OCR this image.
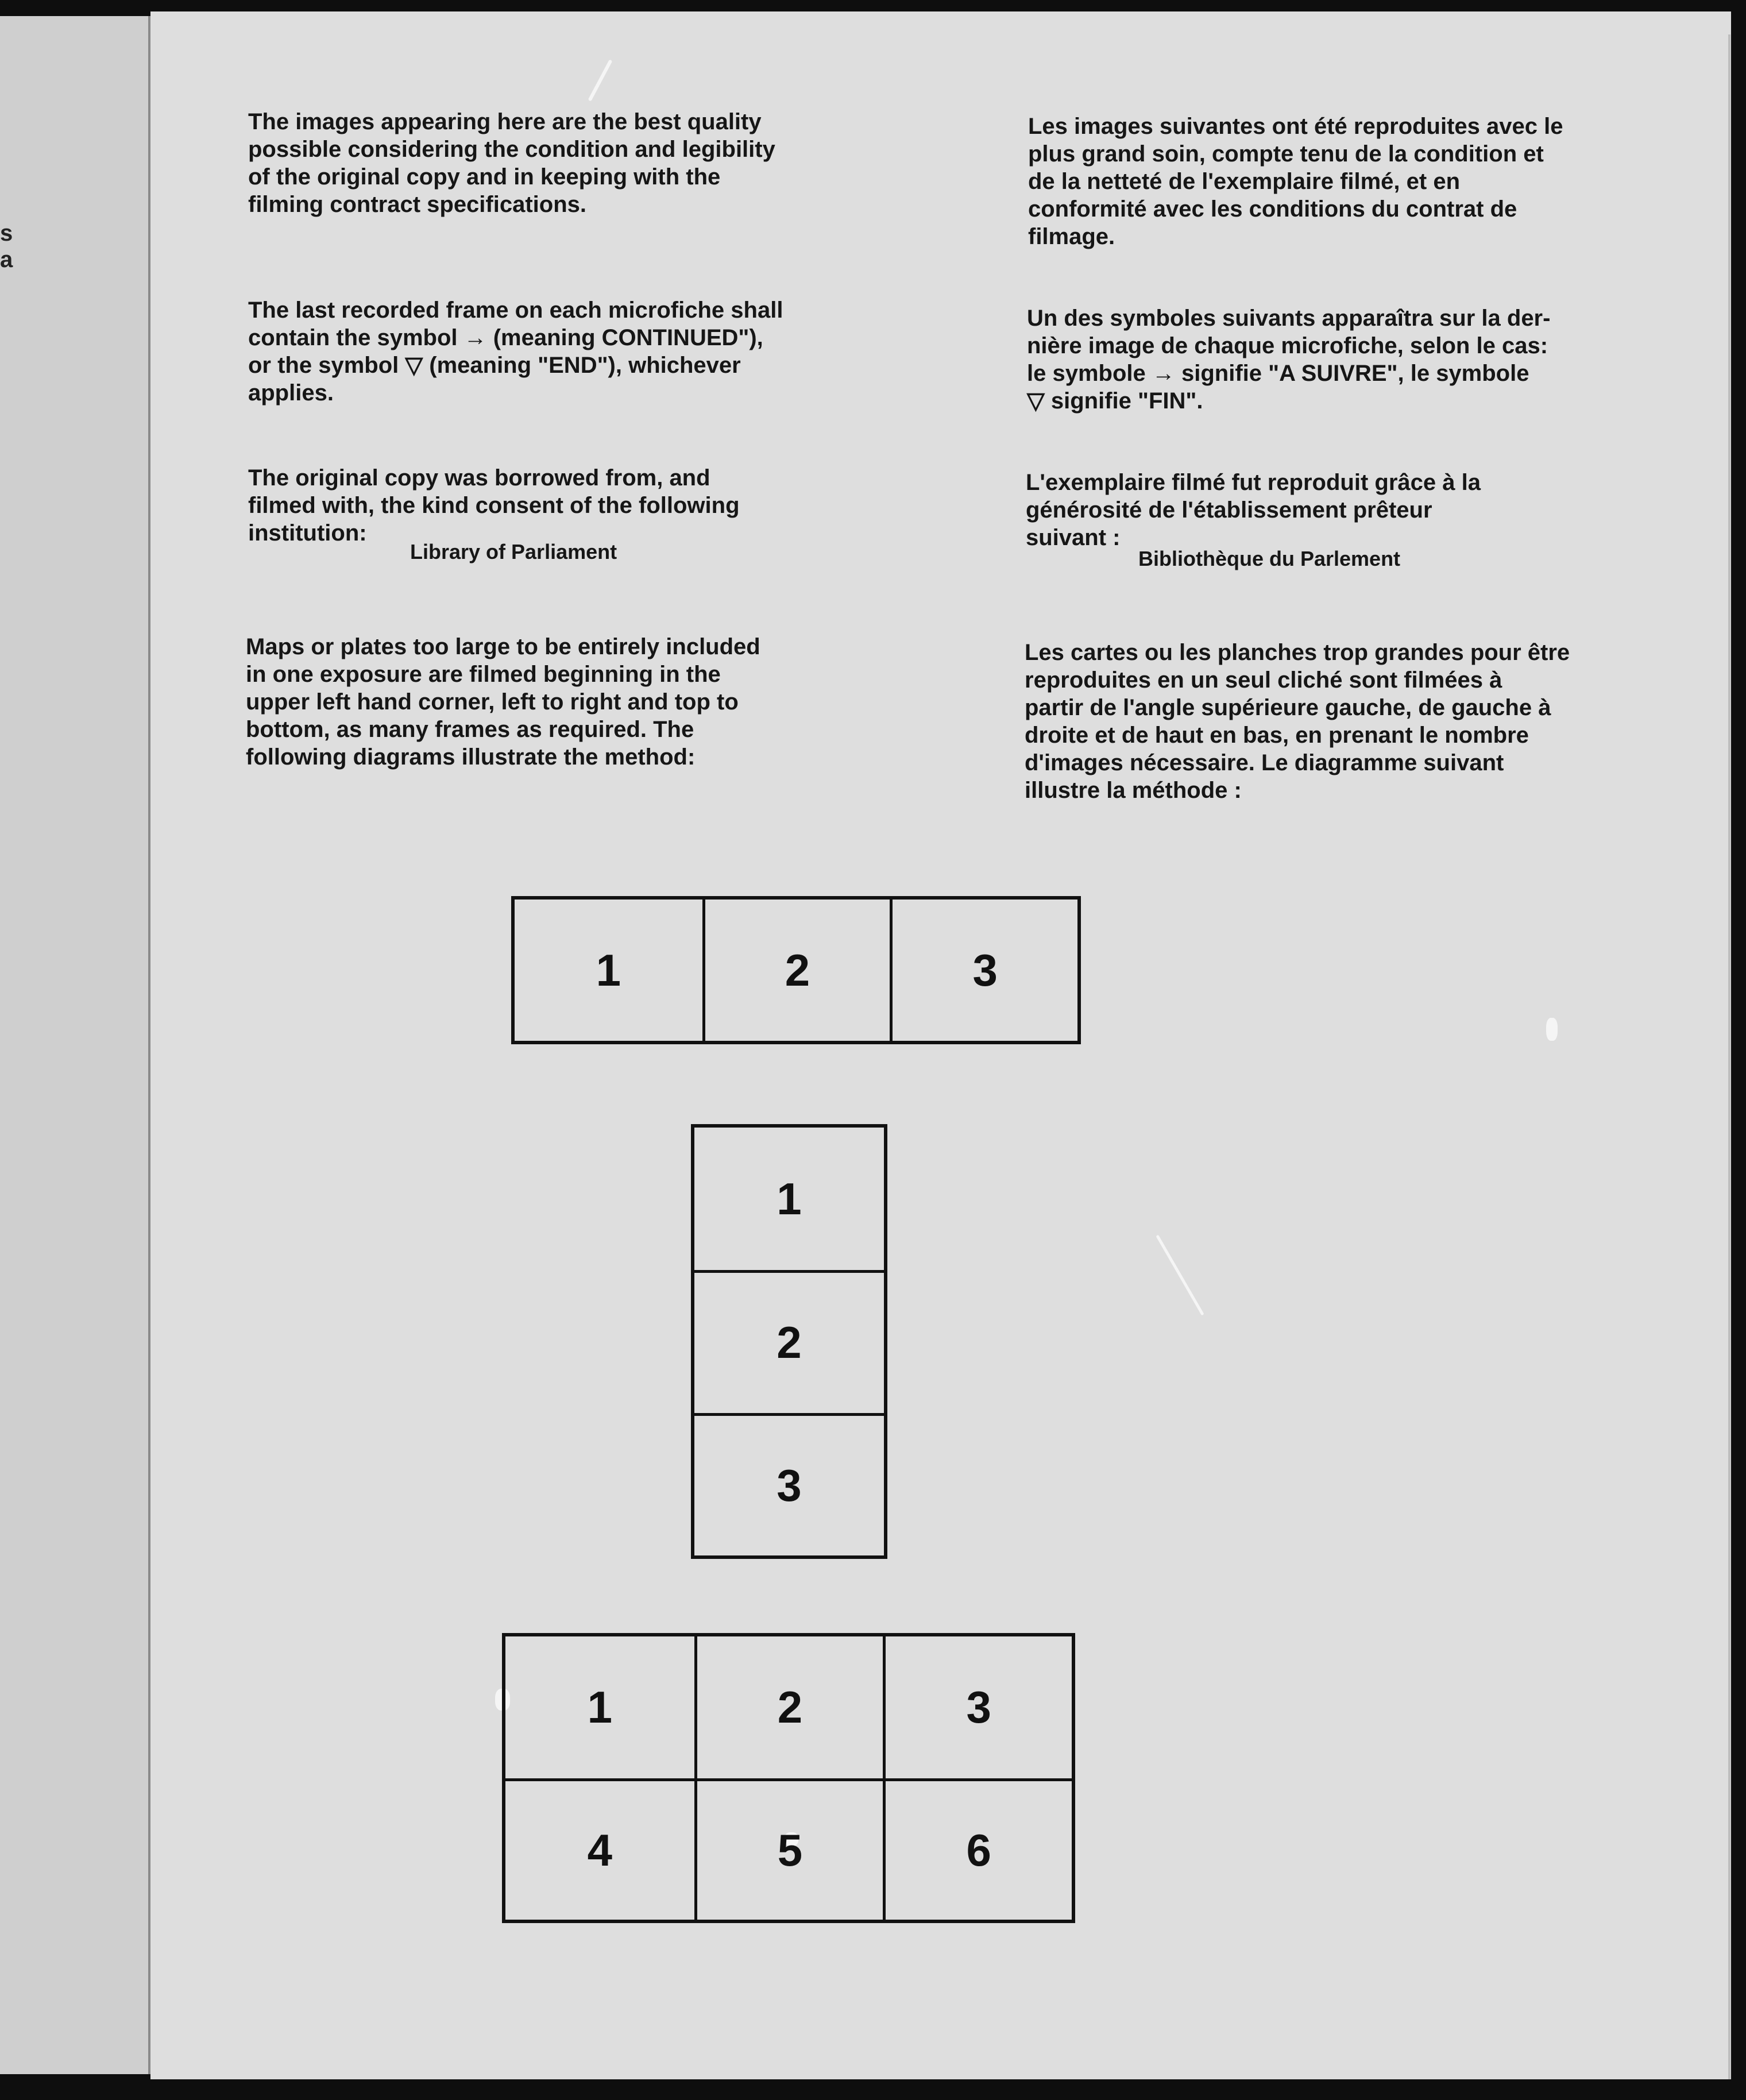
s
a
The images appearing here are the best quality
possible considering the condition and legibility
of the original copy and in keeping with the
filming contract specifications.
The last recorded frame on each microfiche shall
contain the symbol → (meaning CONTINUED"),
or the symbol ▽ (meaning "END"), whichever
applies.
The original copy was borrowed from, and
filmed with, the kind consent of the following
institution:
Library of Parliament
Maps or plates too large to be entirely included
in one exposure are filmed beginning in the
upper left hand corner, left to right and top to
bottom, as many frames as required. The
following diagrams illustrate the method:
Les images suivantes ont été reproduites avec le
plus grand soin, compte tenu de la condition et
de la netteté de l'exemplaire filmé, et en
conformité avec les conditions du contrat de
filmage.
Un des symboles suivants apparaîtra sur la der-
nière image de chaque microfiche, selon le cas:
le symbole → signifie "A SUIVRE", le symbole
▽ signifie "FIN".
L'exemplaire filmé fut reproduit grâce à la
générosité de l'établissement prêteur
suivant :
Bibliothèque du Parlement
Les cartes ou les planches trop grandes pour être
reproduites en un seul cliché sont filmées à
partir de l'angle supérieure gauche, de gauche à
droite et de haut en bas, en prenant le nombre
d'images nécessaire. Le diagramme suivant
illustre la méthode :
1	2	3
1
2
3
1	2	3
4	5	6
